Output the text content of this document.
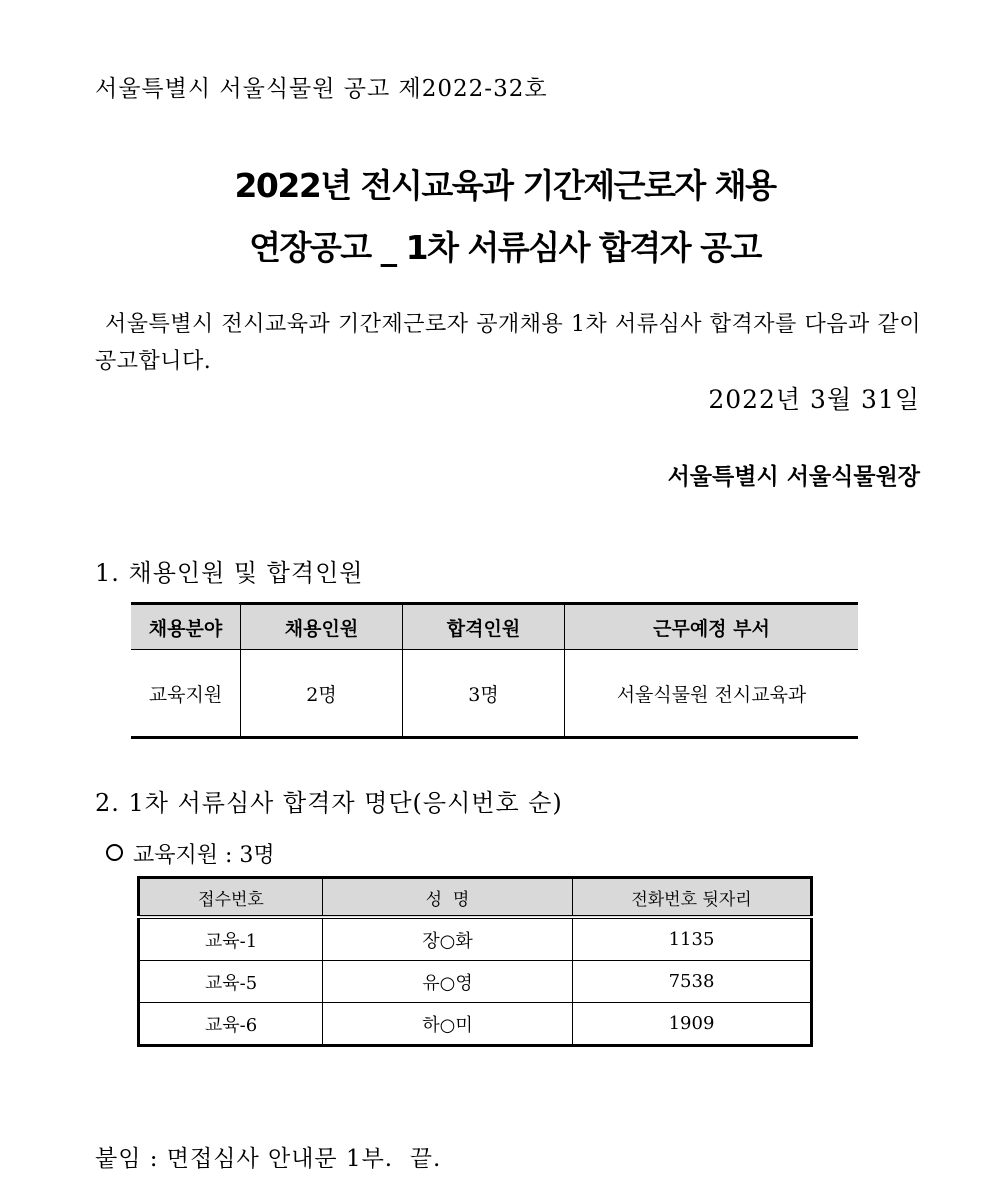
서울특별시 서울식물원 공고 제2022-32호
2022년 전시교육과 기간제근로자 채용
연장공고 _ 1차 서류심사 합격자 공고
서울특별시 전시교육과 기간제근로자 공개채용 1차 서류심사 합격자를 다음과 같이 공고합니다.
2022년 3월 31일
서울특별시 서울식물원장
1. 채용인원 및 합격인원
채용분야	채용인원	합격인원	근무예정 부서
교육지원	2명	3명	서울식물원 전시교육과
2. 1차 서류심사 합격자 명단(응시번호 순)
교육지원 : 3명
접수번호	성  명	전화번호 뒷자리
교육-1	장○화	1135
교육-5	유○영	7538
교육-6	하○미	1909
붙임 : 면접심사 안내문 1부.  끝.
